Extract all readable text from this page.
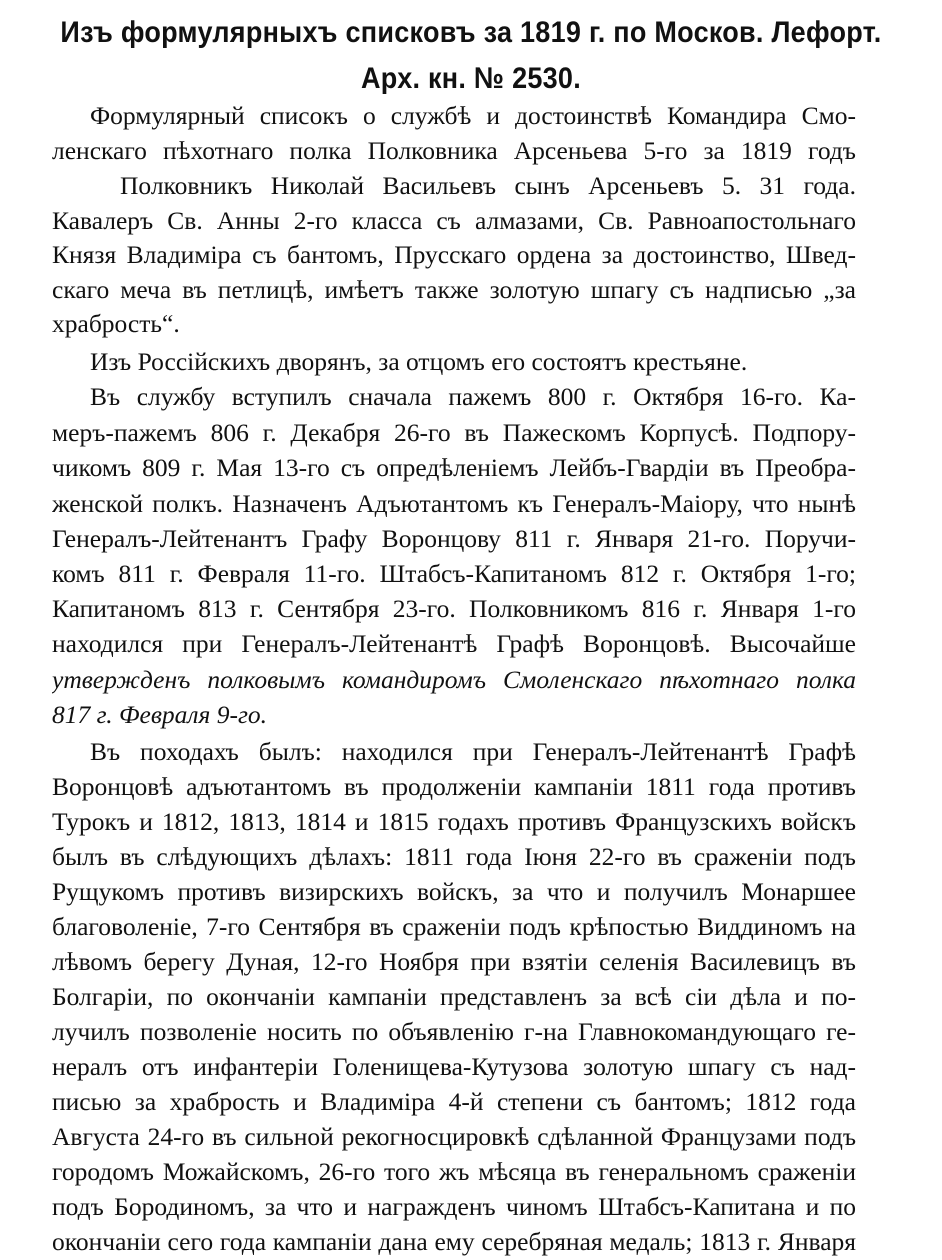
Изъ формулярныхъ списковъ за 1819 г. по Москов. Лефорт.
Арх. кн. № 2530.
Формулярный списокъ о службѣ и достоинствѣ Командира Смо-
ленскаго пѣхотнаго полка Полковника Арсеньева 5-го за 1819 годъ
Полковникъ Николай Васильевъ сынъ Арсеньевъ 5. 31 года.
Кавалеръ Св. Анны 2-го класса съ алмазами, Св. Равноапостольнаго
Князя Владиміра съ бантомъ, Прусскаго ордена за достоинство, Швед-
скаго меча въ петлицѣ, имѣетъ также золотую шпагу съ надписью „за
храбрость“.
Изъ Россійскихъ дворянъ, за отцомъ его состоятъ крестьяне.
Въ службу вступилъ сначала пажемъ 800 г. Октября 16-го. Ка-
меръ-пажемъ 806 г. Декабря 26-го въ Пажескомъ Корпусѣ. Подпору-
чикомъ 809 г. Мая 13-го съ опредѣленіемъ Лейбъ-Гвардіи въ Преобра-
женской полкъ. Назначенъ Адъютантомъ къ Генералъ-Маіору, что нынѣ
Генералъ-Лейтенантъ Графу Воронцову 811 г. Января 21-го. Поручи-
комъ 811 г. Февраля 11-го. Штабсъ-Капитаномъ 812 г. Октября 1-го;
Капитаномъ 813 г. Сентября 23-го. Полковникомъ 816 г. Января 1-го
находился при Генералъ-Лейтенантѣ Графѣ Воронцовѣ. Высочайше
утвержденъ полковымъ командиромъ Смоленскаго пѣхотнаго полка
817 г. Февраля 9-го.
Въ походахъ былъ: находился при Генералъ-Лейтенантѣ Графѣ
Воронцовѣ адъютантомъ въ продолженіи кампаніи 1811 года противъ
Турокъ и 1812, 1813, 1814 и 1815 годахъ противъ Французскихъ войскъ
былъ въ слѣдующихъ дѣлахъ: 1811 года Іюня 22-го въ сраженіи подъ
Рущукомъ противъ визирскихъ войскъ, за что и получилъ Монаршее
благоволеніе, 7-го Сентября въ сраженіи подъ крѣпостью Виддиномъ на
лѣвомъ берегу Дуная, 12-го Ноября при взятіи селенія Василевицъ въ
Болгаріи, по окончаніи кампаніи представленъ за всѣ сіи дѣла и по-
лучилъ позволеніе носить по объявленію г-на Главнокомандующаго ге-
нералъ отъ инфантеріи Голенищева-Кутузова золотую шпагу съ над-
писью за храбрость и Владиміра 4-й степени съ бантомъ; 1812 года
Августа 24-го въ сильной рекогносцировкѣ сдѣланной Французами подъ
городомъ Можайскомъ, 26-го того жъ мѣсяца въ генеральномъ сраженіи
подъ Бородиномъ, за что и награжденъ чиномъ Штабсъ-Капитана и по
окончаніи сего года кампаніи дана ему серебряная медаль; 1813 г. Января
